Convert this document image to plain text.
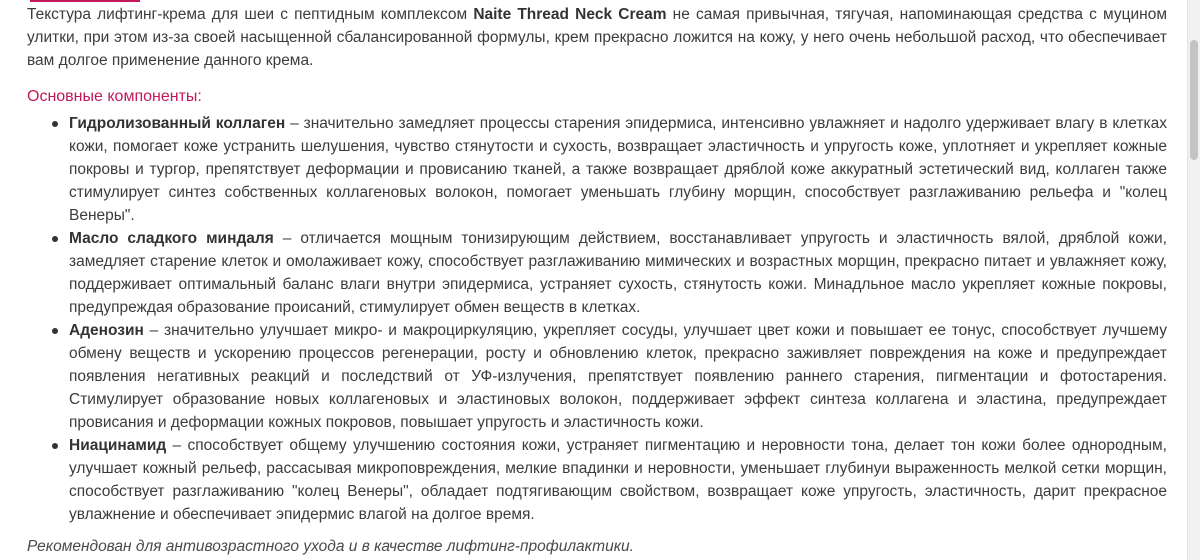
Текстура лифтинг-крема для шеи с пептидным комплексом Naite Thread Neck Cream не самая привычная, тягучая, напоминающая средства с муцином улитки, при этом из-за своей насыщенной сбалансированной формулы, крем прекрасно ложится на кожу, у него очень небольшой расход, что обеспечивает вам долгое применение данного крема.

Основные компоненты:

Гидролизованный коллаген – значительно замедляет процессы старения эпидермиса, интенсивно увлажняет и надолго удерживает влагу в клетках кожи, помогает коже устранить шелушения, чувство стянутости и сухость, возвращает эластичность и упругость коже, уплотняет и укрепляет кожные покровы и тургор, препятствует деформации и провисанию тканей, а также возвращает дряблой коже аккуратный эстетический вид, коллаген также стимулирует синтез собственных коллагеновых волокон, помогает уменьшать глубину морщин, способствует разглаживанию рельефа и "колец Венеры".
Масло сладкого миндаля – отличается мощным тонизирующим действием, восстанавливает упругость и эластичность вялой, дряблой кожи, замедляет старение клеток и омолаживает кожу, способствует разглаживанию мимических и возрастных морщин, прекрасно питает и увлажняет кожу, поддерживает оптимальный баланс влаги внутри эпидермиса, устраняет сухость, стянутость кожи. Минадльное масло укрепляет кожные покровы, предупреждая образование происаний, стимулирует обмен веществ в клетках.
Аденозин – значительно улучшает микро- и макроциркуляцию, укрепляет сосуды, улучшает цвет кожи и повышает ее тонус, способствует лучшему обмену веществ и ускорению процессов регенерации, росту и обновлению клеток, прекрасно заживляет повреждения на коже и предупреждает появления негативных реакций и последствий от УФ-излучения, препятствует появлению раннего старения, пигментации и фотостарения. Стимулирует образование новых коллагеновых и эластиновых волокон, поддерживает эффект синтеза коллагена и эластина, предупреждает провисания и деформации кожных покровов, повышает упругость и эластичность кожи.
Ниацинамид – способствует общему улучшению состояния кожи, устраняет пигментацию и неровности тона, делает тон кожи более однородным, улучшает кожный рельеф, рассасывая микроповреждения, мелкие впадинки и неровности, уменьшает глубинуи выраженность мелкой сетки морщин, способствует разглаживанию "колец Венеры", обладает подтягивающим свойством, возвращает коже упругость, эластичность, дарит прекрасное увлажнение и обеспечивает эпидермис влагой на долгое время.

Рекомендован для антивозрастного ухода и в качестве лифтинг-профилактики.
